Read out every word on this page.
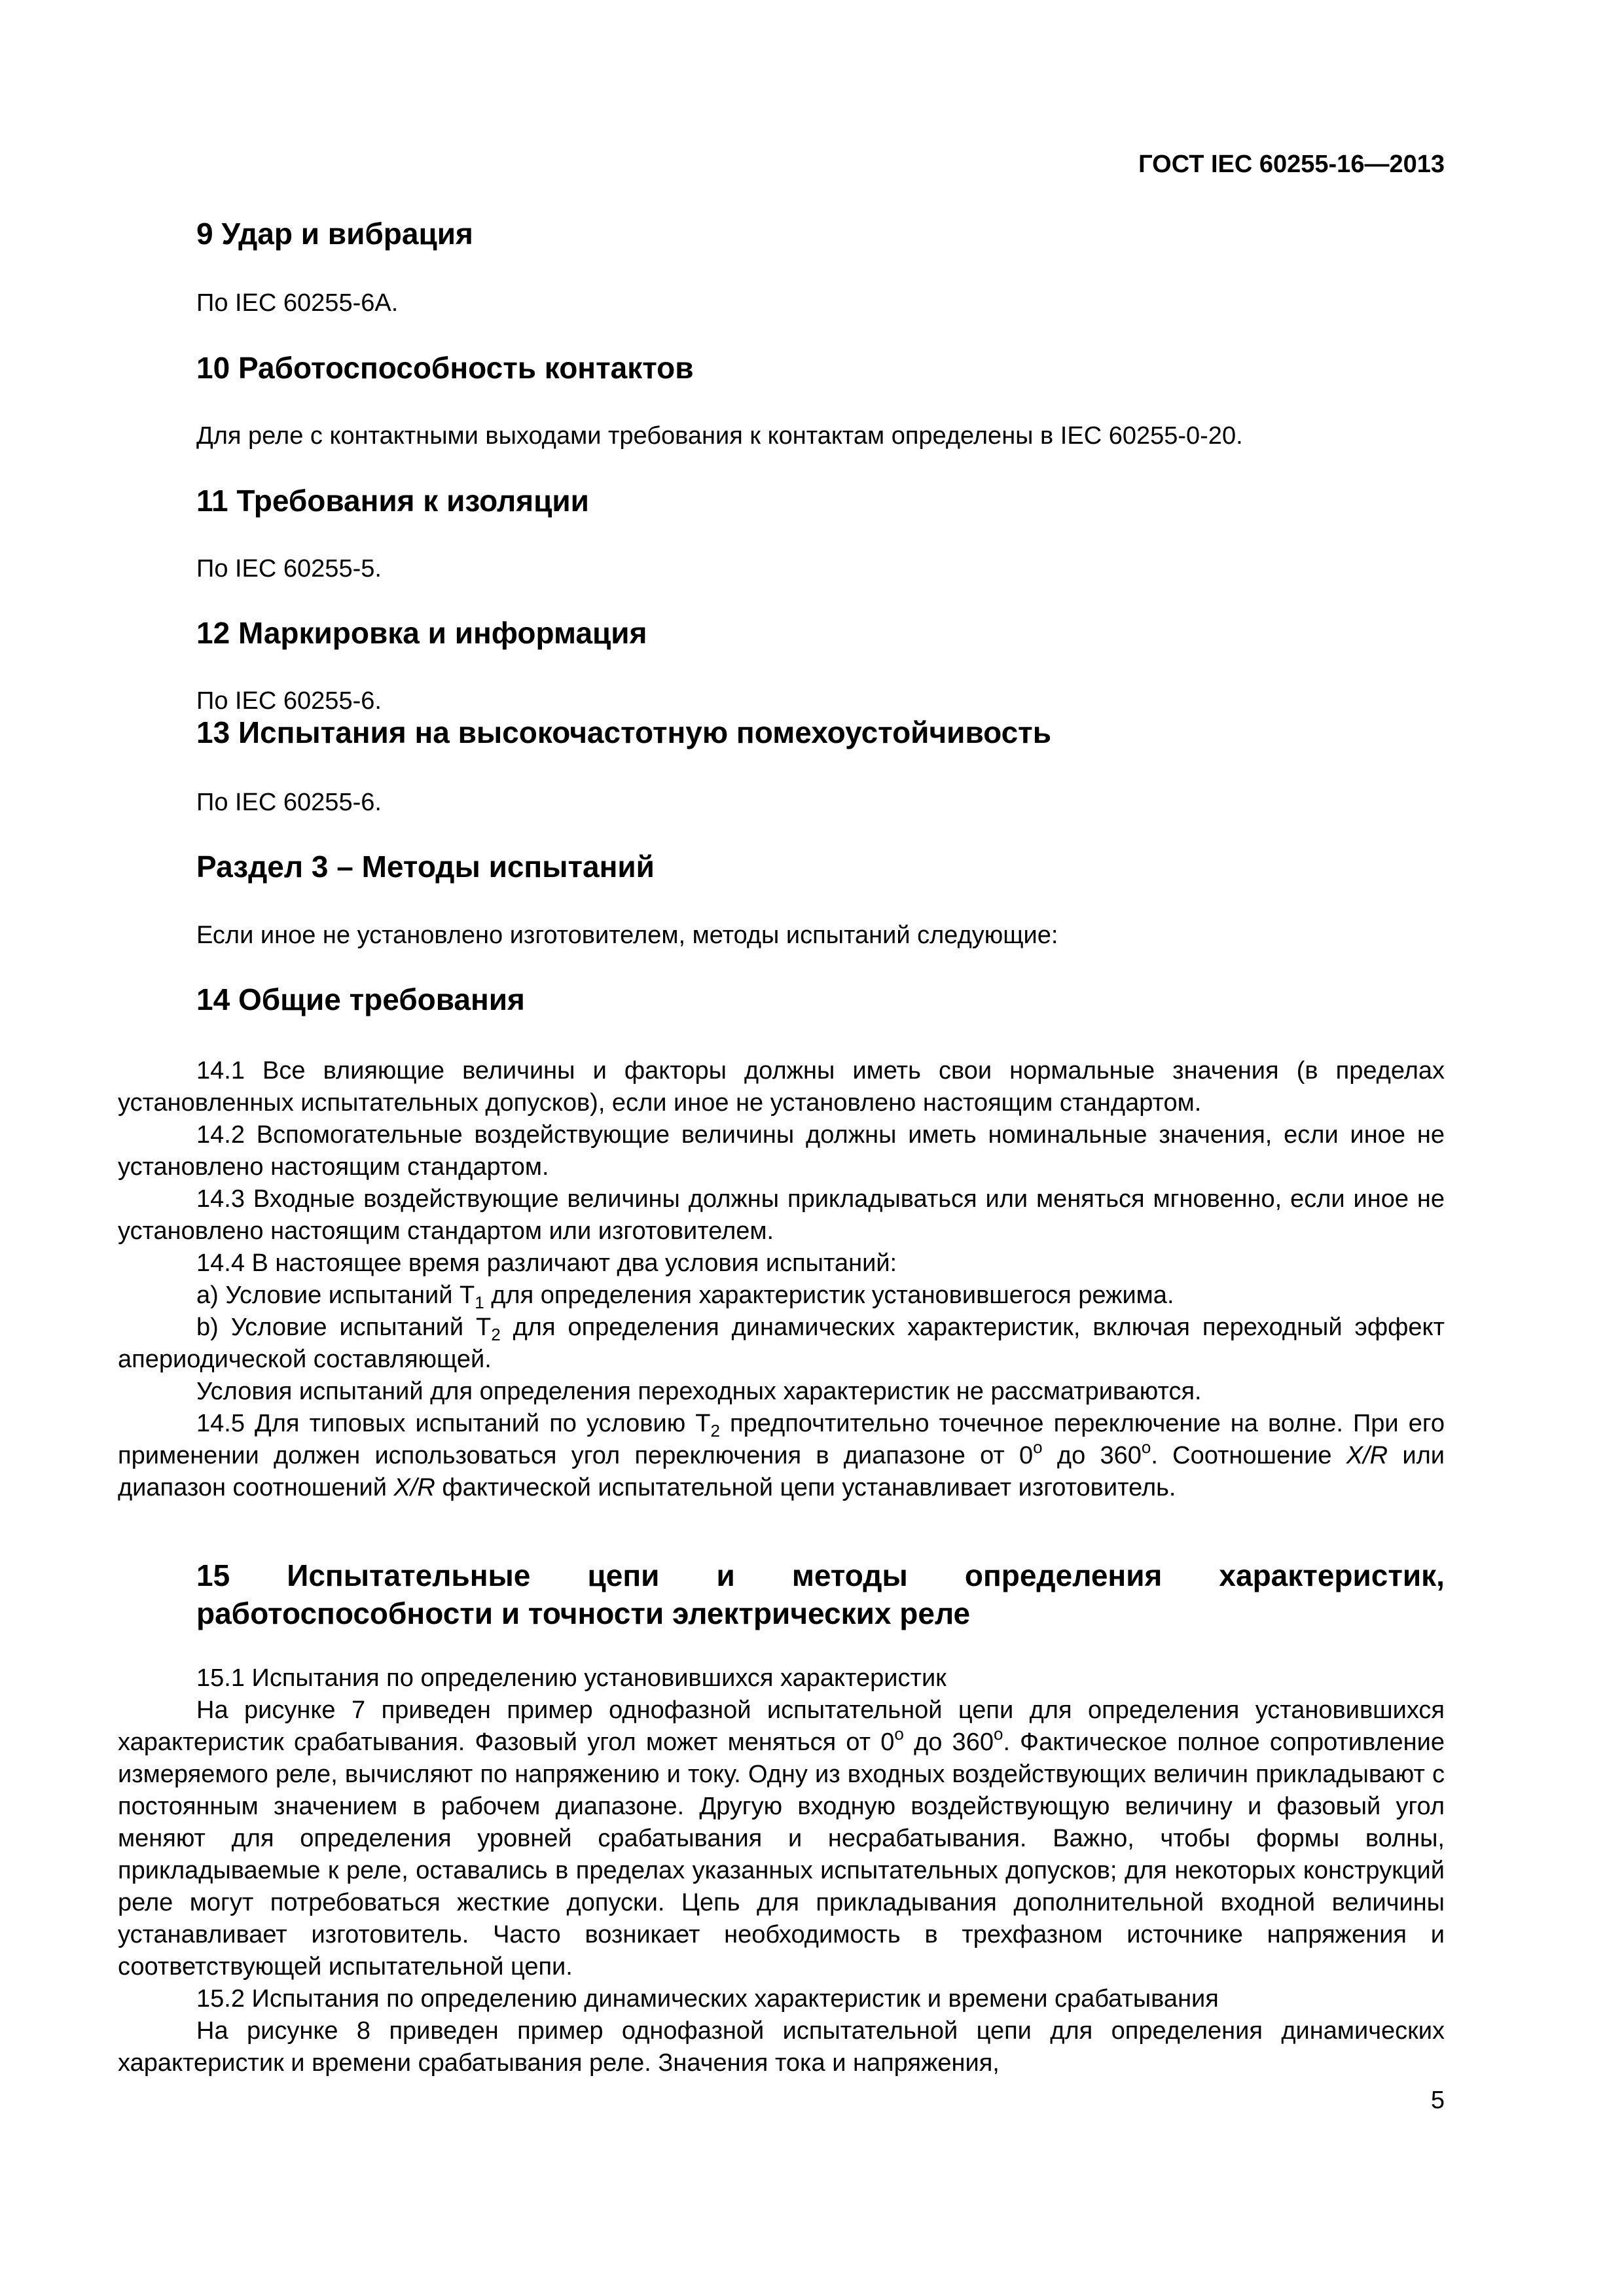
ГОСТ IEC 60255-16—2013
9 Удар и вибрация
По IEC 60255-6А.
10 Работоспособность контактов
Для реле с контактными выходами требования к контактам определены в IEC 60255-0-20.
11 Требования к изоляции
По IEC 60255-5.
12 Маркировка и информация
По IEC 60255-6.
13 Испытания на высокочастотную помехоустойчивость
По IEC 60255-6.
Раздел 3 – Методы испытаний
Если иное не установлено изготовителем, методы испытаний следующие:
14 Общие требования

14.1 Все влияющие величины и факторы должны иметь свои нормальные значения (в пределах установленных испытательных допусков), если иное не установлено настоящим стандартом.

14.2 Вспомогательные воздействующие величины должны иметь номинальные значения, если иное не установлено настоящим стандартом.

14.3 Входные воздействующие величины должны прикладываться или меняться мгновенно, если иное не установлено настоящим стандартом или изготовителем.

14.4 В настоящее время различают два условия испытаний:

а) Условие испытаний $Т_1$ для определения характеристик установившегося режима.

b) Условие испытаний $Т_2$ для определения динамических характеристик, включая переходный эффект апериодической составляющей.

Условия испытаний для определения переходных характеристик не рассматриваются.

14.5 Для типовых испытаний по условию $Т_2$ предпочтительно точечное переключение на волне. При его применении должен использоваться угол переключения в диапазоне от $0^о$ до $360^о$. Соотношение X/R или диапазон соотношений X/R фактической испытательной цепи устанавливает изготовитель.

15 Испытательные цепи и методы определения характеристик,
работоспособности и точности электрических реле

15.1 Испытания по определению установившихся характеристик

На рисунке 7 приведен пример однофазной испытательной цепи для определения установившихся характеристик срабатывания. Фазовый угол может меняться от $0^о$ до $360^о$. Фактическое полное сопротивление измеряемого реле, вычисляют по напряжению и току. Одну из входных воздействующих величин прикладывают с постоянным значением в рабочем диапазоне. Другую входную воздействующую величину и фазовый угол меняют для определения уровней срабатывания и несрабатывания. Важно, чтобы формы волны, прикладываемые к реле, оставались в пределах указанных испытательных допусков; для некоторых конструкций реле могут потребоваться жесткие допуски. Цепь для прикладывания дополнительной входной величины устанавливает изготовитель. Часто возникает необходимость в трехфазном источнике напряжения и соответствующей испытательной цепи.

15.2 Испытания по определению динамических характеристик и времени срабатывания

На рисунке 8 приведен пример однофазной испытательной цепи для определения динамических характеристик и времени срабатывания реле. Значения тока и напряжения,

5
